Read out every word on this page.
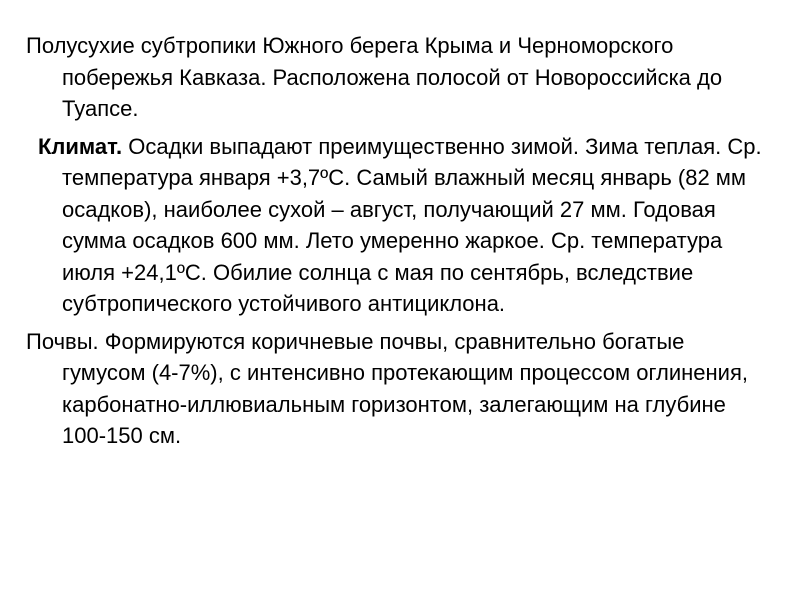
Полусухие субтропики Южного берега Крыма и Черноморского побережья Кавказа. Расположена полосой от Новороссийска до Туапсе.

Климат. Осадки выпадают преимущественно зимой. Зима теплая. Ср. температура января +3,7ºС. Самый влажный месяц январь (82 мм осадков), наиболее сухой – август, получающий 27 мм. Годовая сумма осадков 600 мм. Лето умеренно жаркое. Ср. температура июля +24,1ºС. Обилие солнца с мая по сентябрь, вследствие субтропического устойчивого антициклона.

Почвы. Формируются коричневые почвы, сравнительно богатые гумусом (4-7%), с интенсивно протекающим процессом оглинения, карбонатно-иллювиальным горизонтом, залегающим на глубине 100-150 см.
